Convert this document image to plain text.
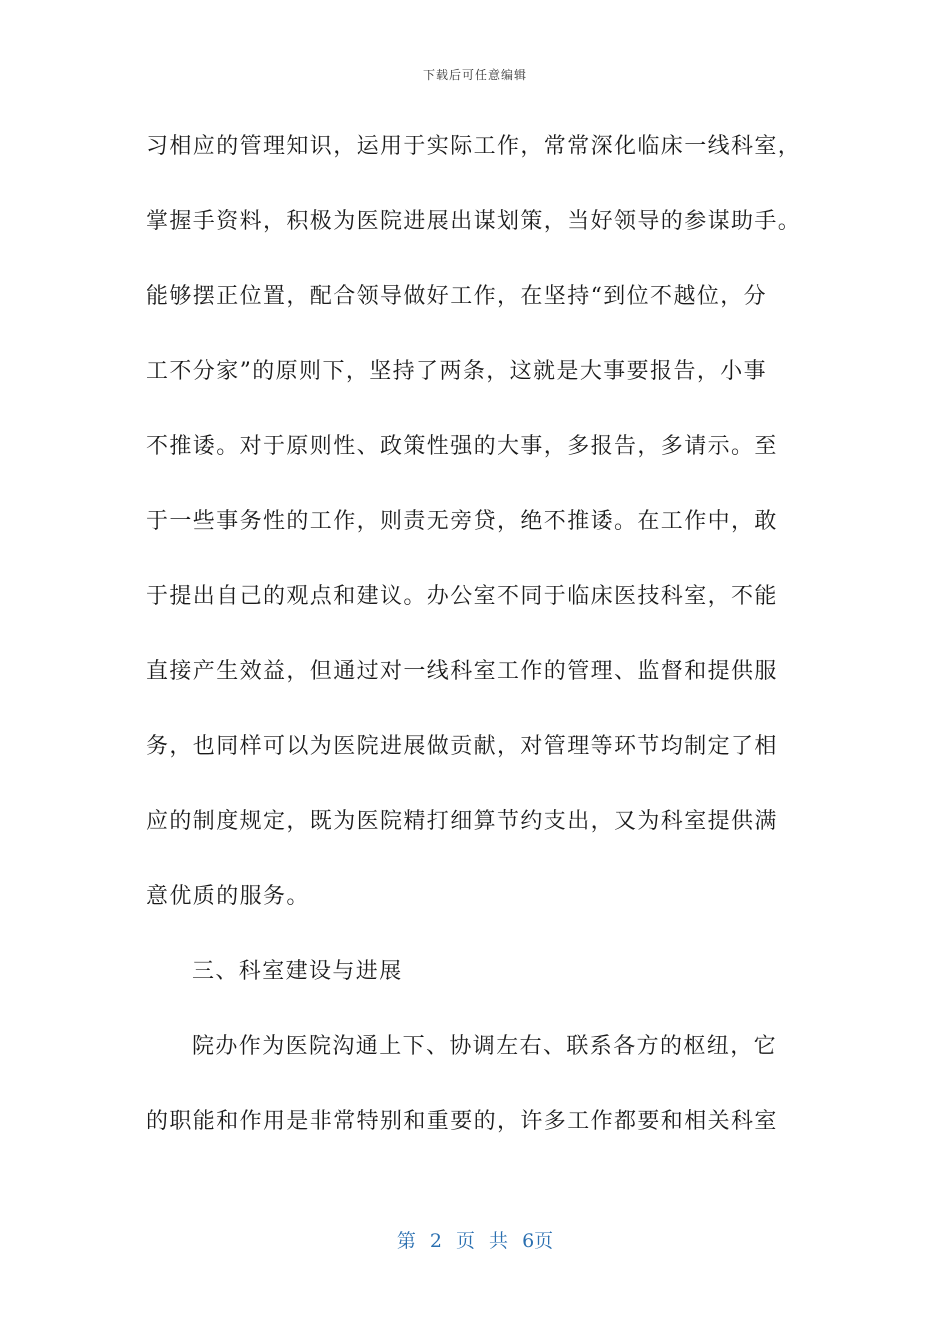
下载后可任意编辑
习相应的管理知识，运用于实际工作，常常深化临床一线科室，
掌握手资料，积极为医院进展出谋划策，当好领导的参谋助手。
能够摆正位置，配合领导做好工作，在坚持“到位不越位，分
工不分家”的原则下，坚持了两条，这就是大事要报告，小事
不推诿。对于原则性、政策性强的大事，多报告，多请示。至
于一些事务性的工作，则责无旁贷，绝不推诿。在工作中，敢
于提出自己的观点和建议。办公室不同于临床医技科室，不能
直接产生效益，但通过对一线科室工作的管理、监督和提供服
务，也同样可以为医院进展做贡献，对管理等环节均制定了相
应的制度规定，既为医院精打细算节约支出，又为科室提供满
意优质的服务。
三、科室建设与进展
院办作为医院沟通上下、协调左右、联系各方的枢纽，它
的职能和作用是非常特别和重要的，许多工作都要和相关科室
第 2 页 共 6页
